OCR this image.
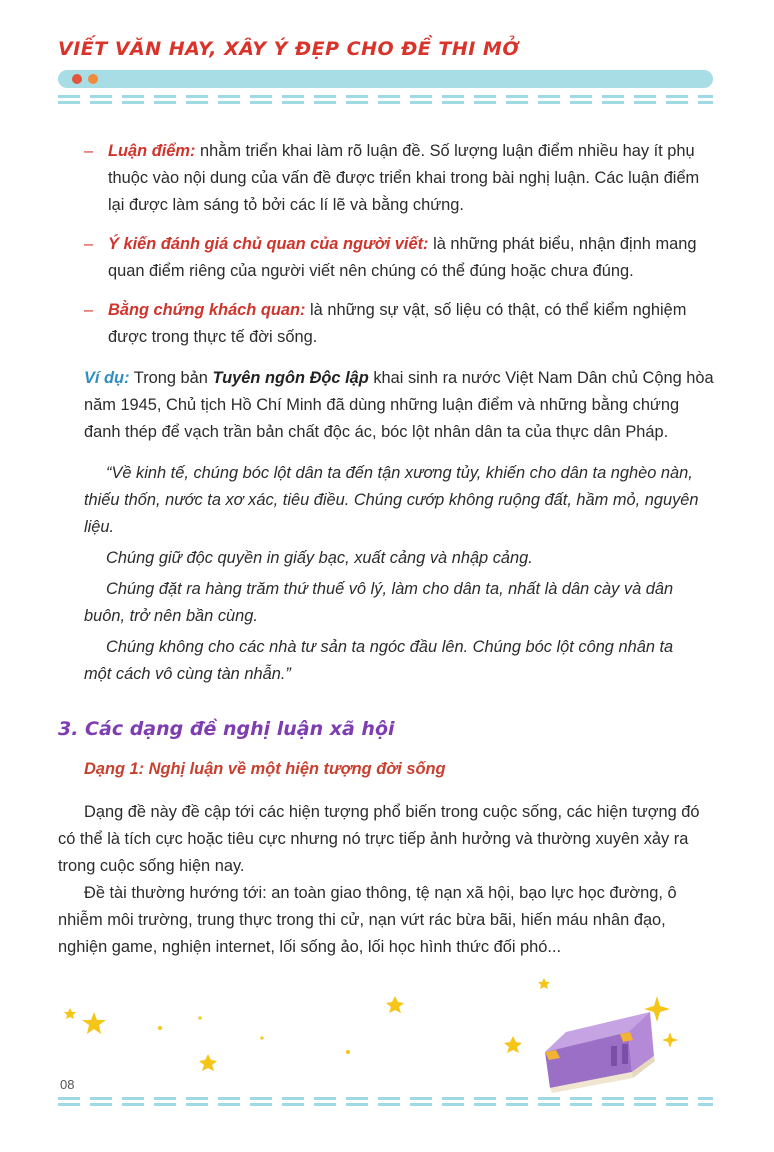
VIẾT VĂN HAY, XÂY Ý ĐẸP CHO ĐỀ THI MỞ
– Luận điểm: nhằm triển khai làm rõ luận đề. Số lượng luận điểm nhiều hay ít phụ thuộc vào nội dung của vấn đề được triển khai trong bài nghị luận. Các luận điểm lại được làm sáng tỏ bởi các lí lẽ và bằng chứng.
– Ý kiến đánh giá chủ quan của người viết: là những phát biểu, nhận định mang quan điểm riêng của người viết nên chúng có thể đúng hoặc chưa đúng.
– Bằng chứng khách quan: là những sự vật, số liệu có thật, có thể kiểm nghiệm được trong thực tế đời sống.
Ví dụ: Trong bản Tuyên ngôn Độc lập khai sinh ra nước Việt Nam Dân chủ Cộng hòa năm 1945, Chủ tịch Hồ Chí Minh đã dùng những luận điểm và những bằng chứng đanh thép để vạch trần bản chất độc ác, bóc lột nhân dân ta của thực dân Pháp.

“Về kinh tế, chúng bóc lột dân ta đến tận xương tủy, khiến cho dân ta nghèo nàn, thiếu thốn, nước ta xơ xác, tiêu điều. Chúng cướp không ruộng đất, hầm mỏ, nguyên liệu.

Chúng giữ độc quyền in giấy bạc, xuất cảng và nhập cảng.

Chúng đặt ra hàng trăm thứ thuế vô lý, làm cho dân ta, nhất là dân cày và dân buôn, trở nên bần cùng.

Chúng không cho các nhà tư sản ta ngóc đầu lên. Chúng bóc lột công nhân ta một cách vô cùng tàn nhẫn.”

3. Các dạng đề nghị luận xã hội
Dạng 1: Nghị luận về một hiện tượng đời sống
Dạng đề này đề cập tới các hiện tượng phổ biến trong cuộc sống, các hiện tượng đó có thể là tích cực hoặc tiêu cực nhưng nó trực tiếp ảnh hưởng và thường xuyên xảy ra trong cuộc sống hiện nay.
Đề tài thường hướng tới: an toàn giao thông, tệ nạn xã hội, bạo lực học đường, ô nhiễm môi trường, trung thực trong thi cử, nạn vứt rác bừa bãi, hiến máu nhân đạo, nghiện game, nghiện internet, lối sống ảo, lối học hình thức đối phó...
08
